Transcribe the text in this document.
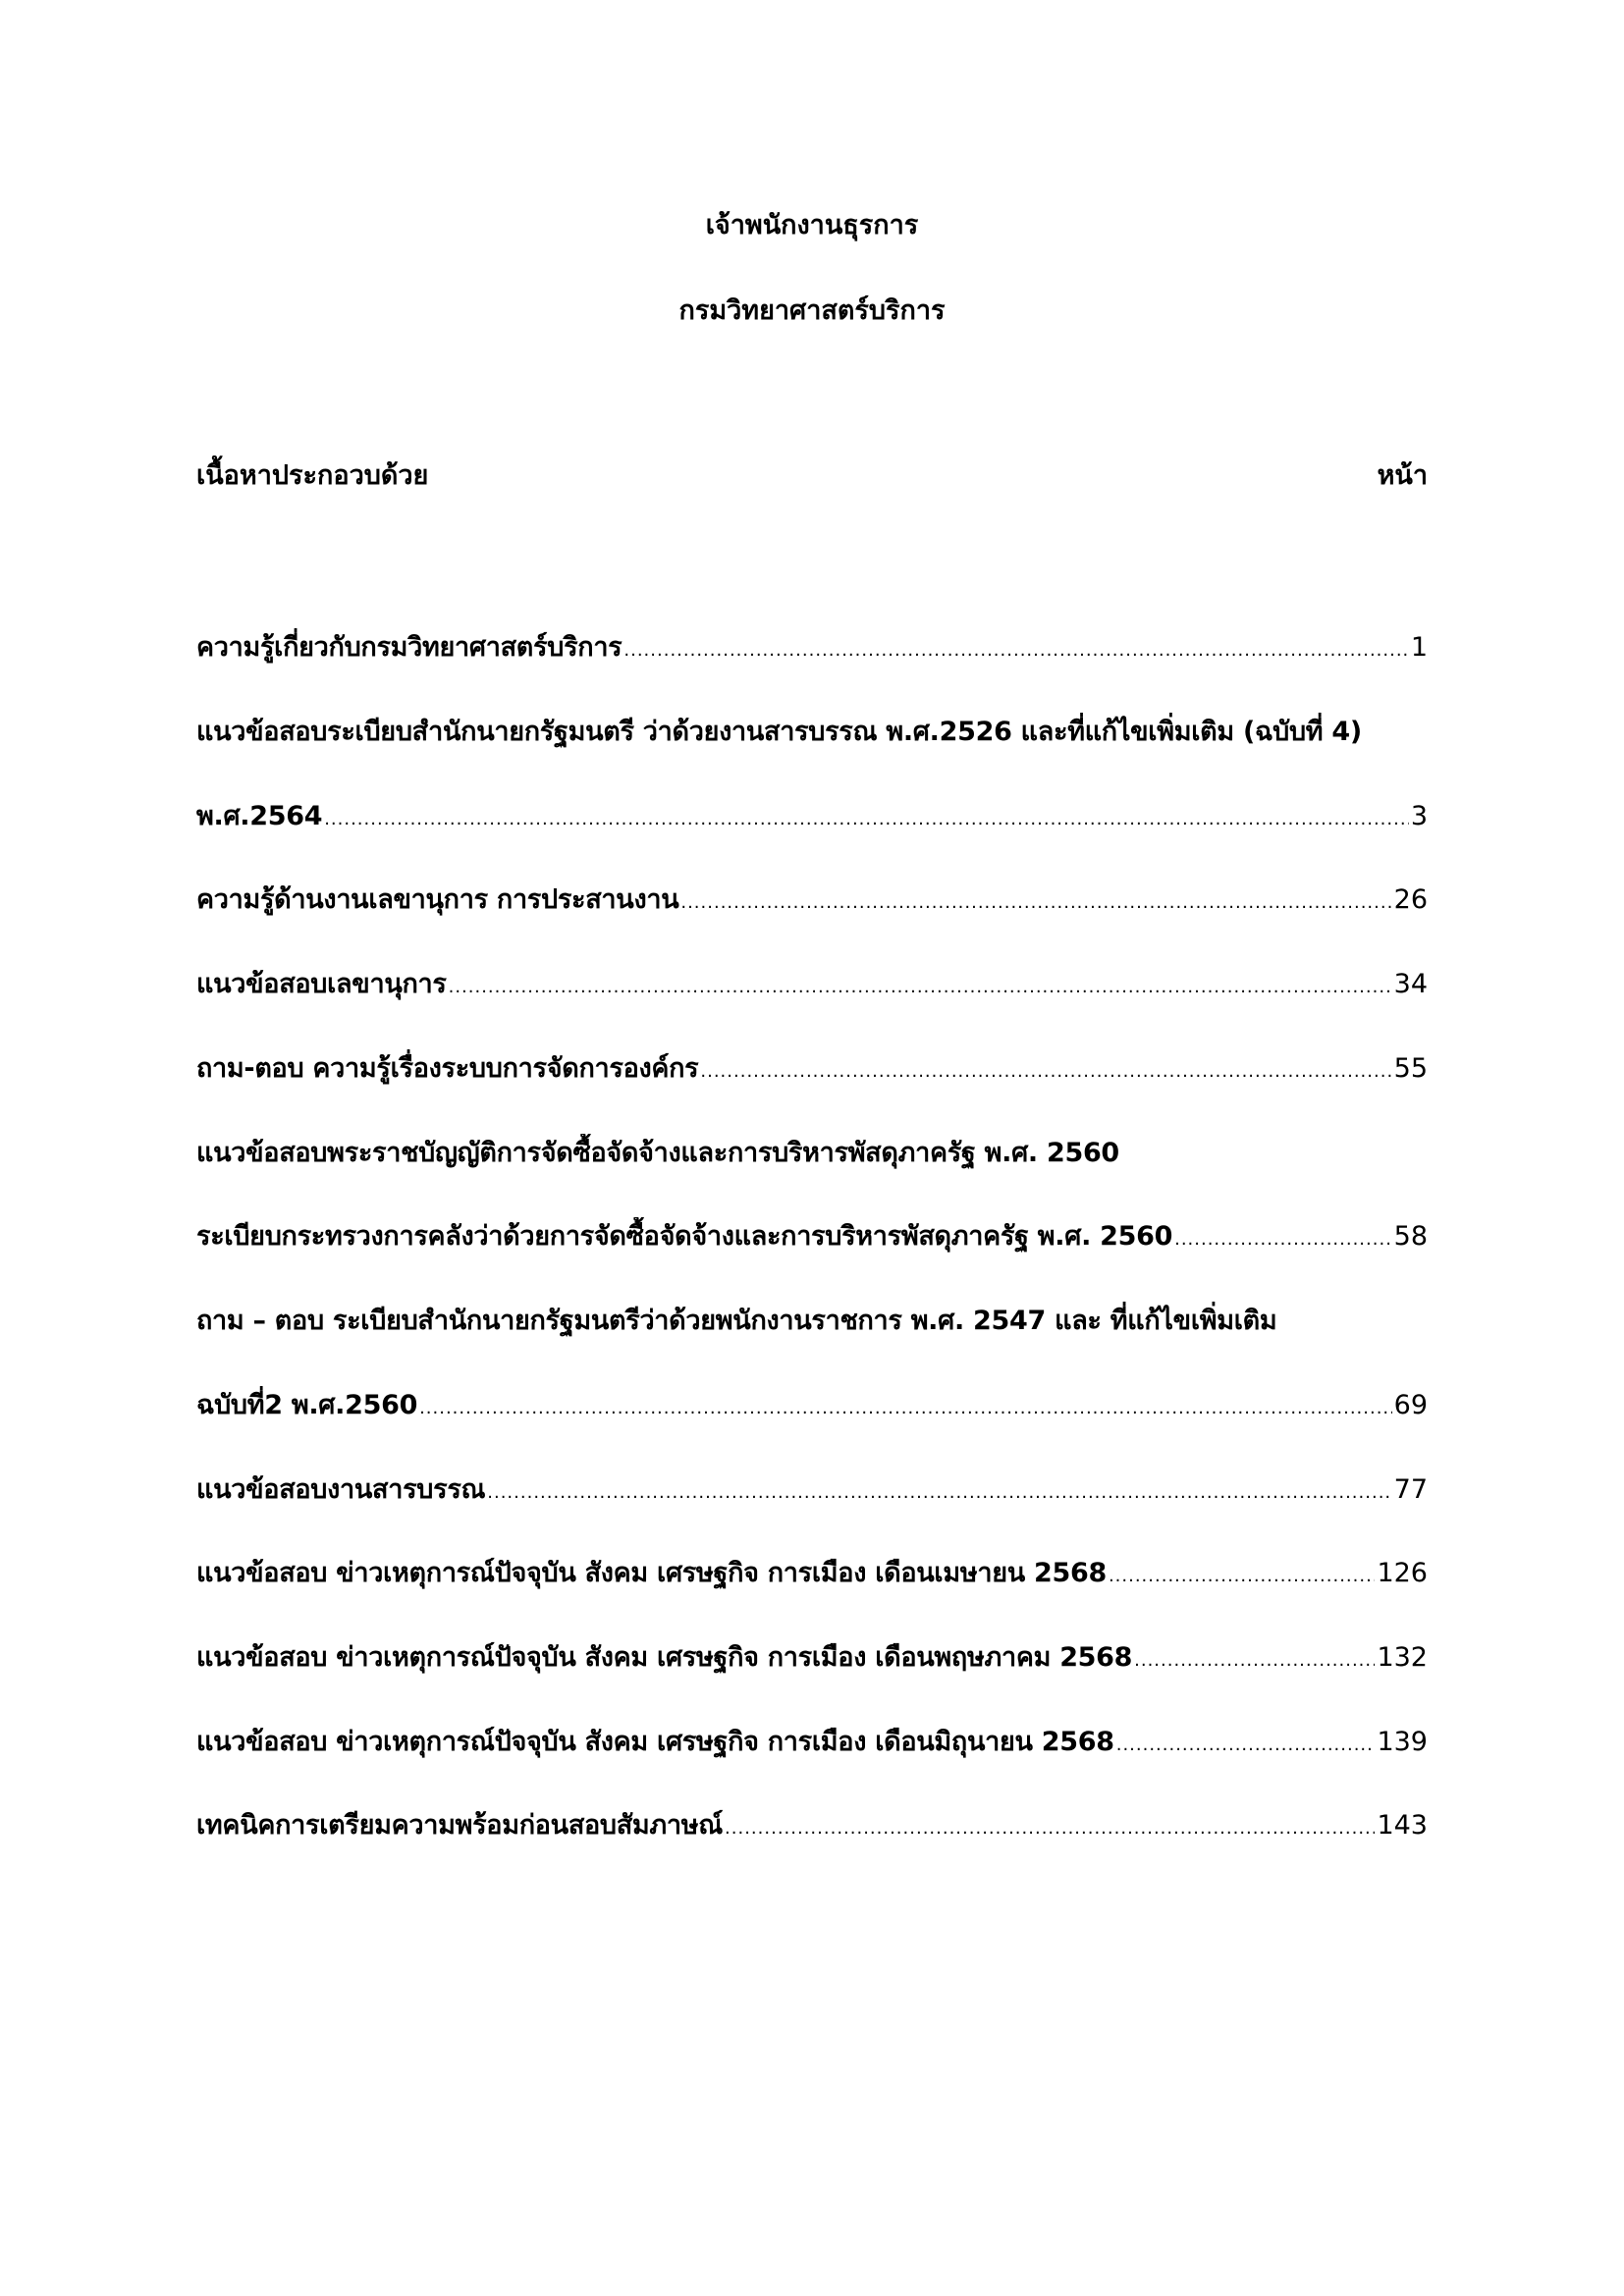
เจ้าพนักงานธุรการ
กรมวิทยาศาสตร์บริการ
เนื้อหาประกอวบด้วย	หน้า
ความรู้เกี่ยวกับกรมวิทยาศาสตร์บริการ .....	1
แนวข้อสอบระเบียบสำนักนายกรัฐมนตรี ว่าด้วยงานสารบรรณ พ.ศ.2526 และที่แก้ไขเพิ่มเติม (ฉบับที่ 4)
พ.ศ.2564 .....	3
ความรู้ด้านงานเลขานุการ การประสานงาน .....	26
แนวข้อสอบเลขานุการ .....	34
ถาม-ตอบ ความรู้เรื่องระบบการจัดการองค์กร .....	55
แนวข้อสอบพระราชบัญญัติการจัดซื้อจัดจ้างและการบริหารพัสดุภาครัฐ พ.ศ. 2560
ระเบียบกระทรวงการคลังว่าด้วยการจัดซื้อจัดจ้างและการบริหารพัสดุภาครัฐ พ.ศ. 2560 .....	58
ถาม – ตอบ ระเบียบสำนักนายกรัฐมนตรีว่าด้วยพนักงานราชการ พ.ศ. 2547 และ ที่แก้ไขเพิ่มเติม
ฉบับที่2 พ.ศ.2560 .....	69
แนวข้อสอบงานสารบรรณ .....	77
แนวข้อสอบ ข่าวเหตุการณ์ปัจจุบัน สังคม เศรษฐกิจ การเมือง เดือนเมษายน 2568 .....	126
แนวข้อสอบ ข่าวเหตุการณ์ปัจจุบัน สังคม เศรษฐกิจ การเมือง เดือนพฤษภาคม 2568 .....	132
แนวข้อสอบ ข่าวเหตุการณ์ปัจจุบัน สังคม เศรษฐกิจ การเมือง เดือนมิถุนายน 2568 .....	139
เทคนิคการเตรียมความพร้อมก่อนสอบสัมภาษณ์ .....	143
